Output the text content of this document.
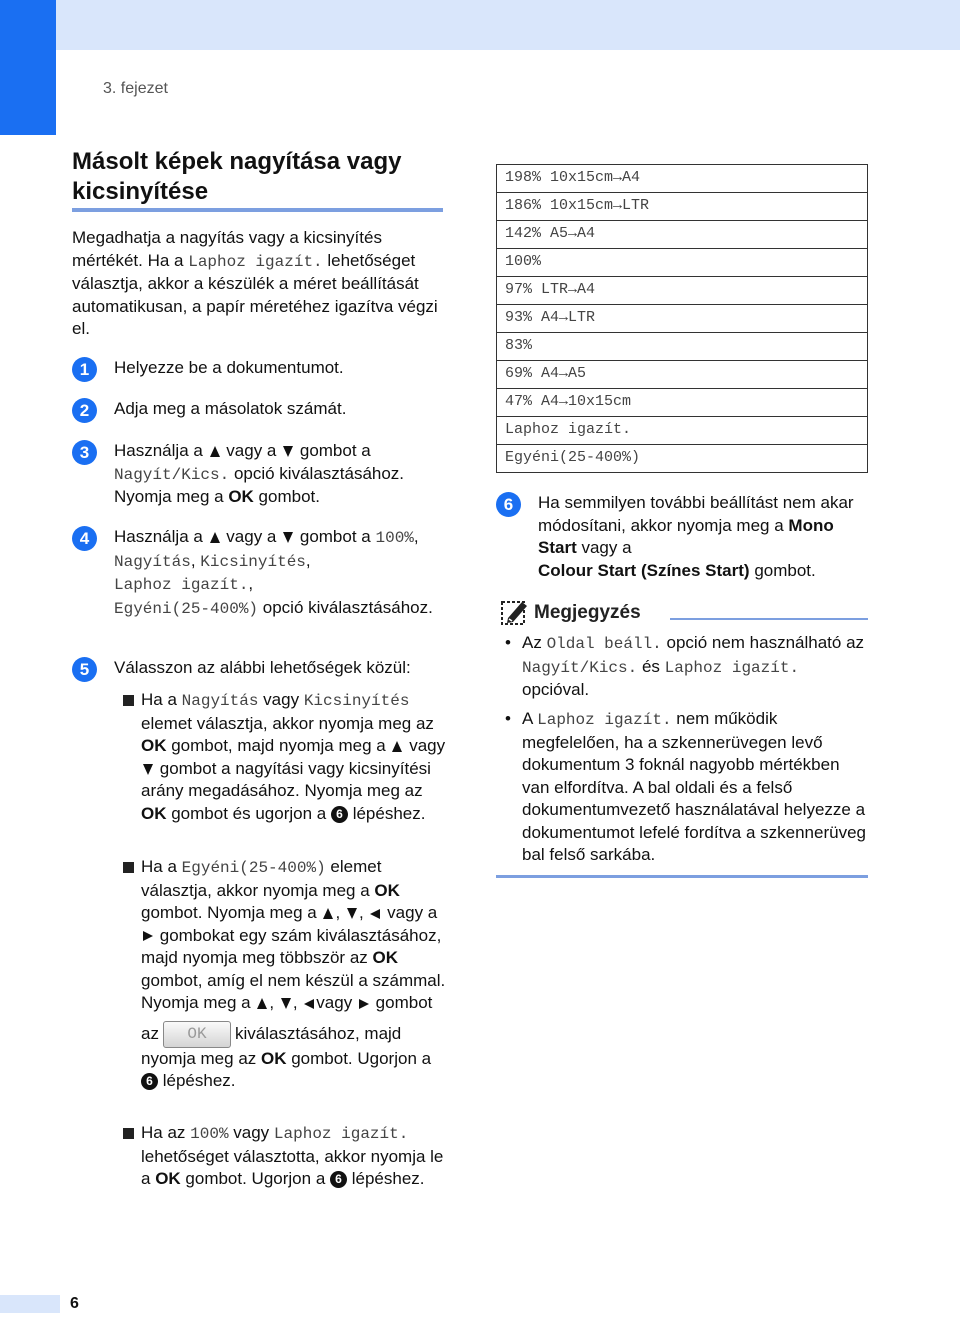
3. fejezet
Másolt képek nagyítása vagy kicsinyítése
Megadhatja a nagyítás vagy a kicsinyítés mértékét. Ha a Laphoz igazít. lehetőséget választja, akkor a készülék a méret beállítását automatikusan, a papír méretéhez igazítva végzi el.
1	Helyezze be a dokumentumot.
2	Adja meg a másolatok számát.
3	Használja a vagy a gombot a
Nagyít/Kics. opció kiválasztásához.
Nyomja meg a OK gombot.
4	Használja a vagy a gombot a 100%,
Nagyítás, Kicsinyítés,
Laphoz igazít.,
Egyéni(25-400%) opció kiválasztásához.
5	Válasszon az alábbi lehetőségek közül:
Ha a Nagyítás vagy Kicsinyítés elemet választja, akkor nyomja meg az OK gombot, majd nyomja meg a vagy  gombot a nagyítási vagy kicsinyítési arány megadásához. Nyomja meg az OK gombot és ugorjon a 6 lépéshez.
Ha a Egyéni(25-400%) elemet választja, akkor nyomja meg a OK gombot. Nyomja meg a , , vagy a  gombokat egy szám kiválasztásához, majd nyomja meg többször az OK gombot, amíg el nem készül a számmal.
Nyomja meg a , , vagy gombot
az OK kiválasztásához, majd nyomja meg az OK gombot. Ugorjon a 6 lépéshez.
Ha az 100% vagy Laphoz igazít. lehetőséget választotta, akkor nyomja le a OK gombot. Ugorjon a 6 lépéshez.
198% 10x15cm→A4
186% 10x15cm→LTR
142% A5→A4
100%
97% LTR→A4
93% A4→LTR
83%
69% A4→A5
47% A4→10x15cm
Laphoz igazít.
Egyéni(25-400%)
6	Ha semmilyen további beállítást nem akar módosítani, akkor nyomja meg a Mono Start vagy a
Colour Start (Színes Start) gombot.
Megjegyzés
• Az Oldal beáll. opció nem használható az Nagyít/Kics. és Laphoz igazít. opcióval.
• A Laphoz igazít. nem működik megfelelően, ha a szkennerüvegen levő dokumentum 3 foknál nagyobb mértékben van elfordítva. A bal oldali és a felső dokumentumvezető használatával helyezze a dokumentumot lefelé fordítva a szkennerüveg bal felső sarkába.
6
